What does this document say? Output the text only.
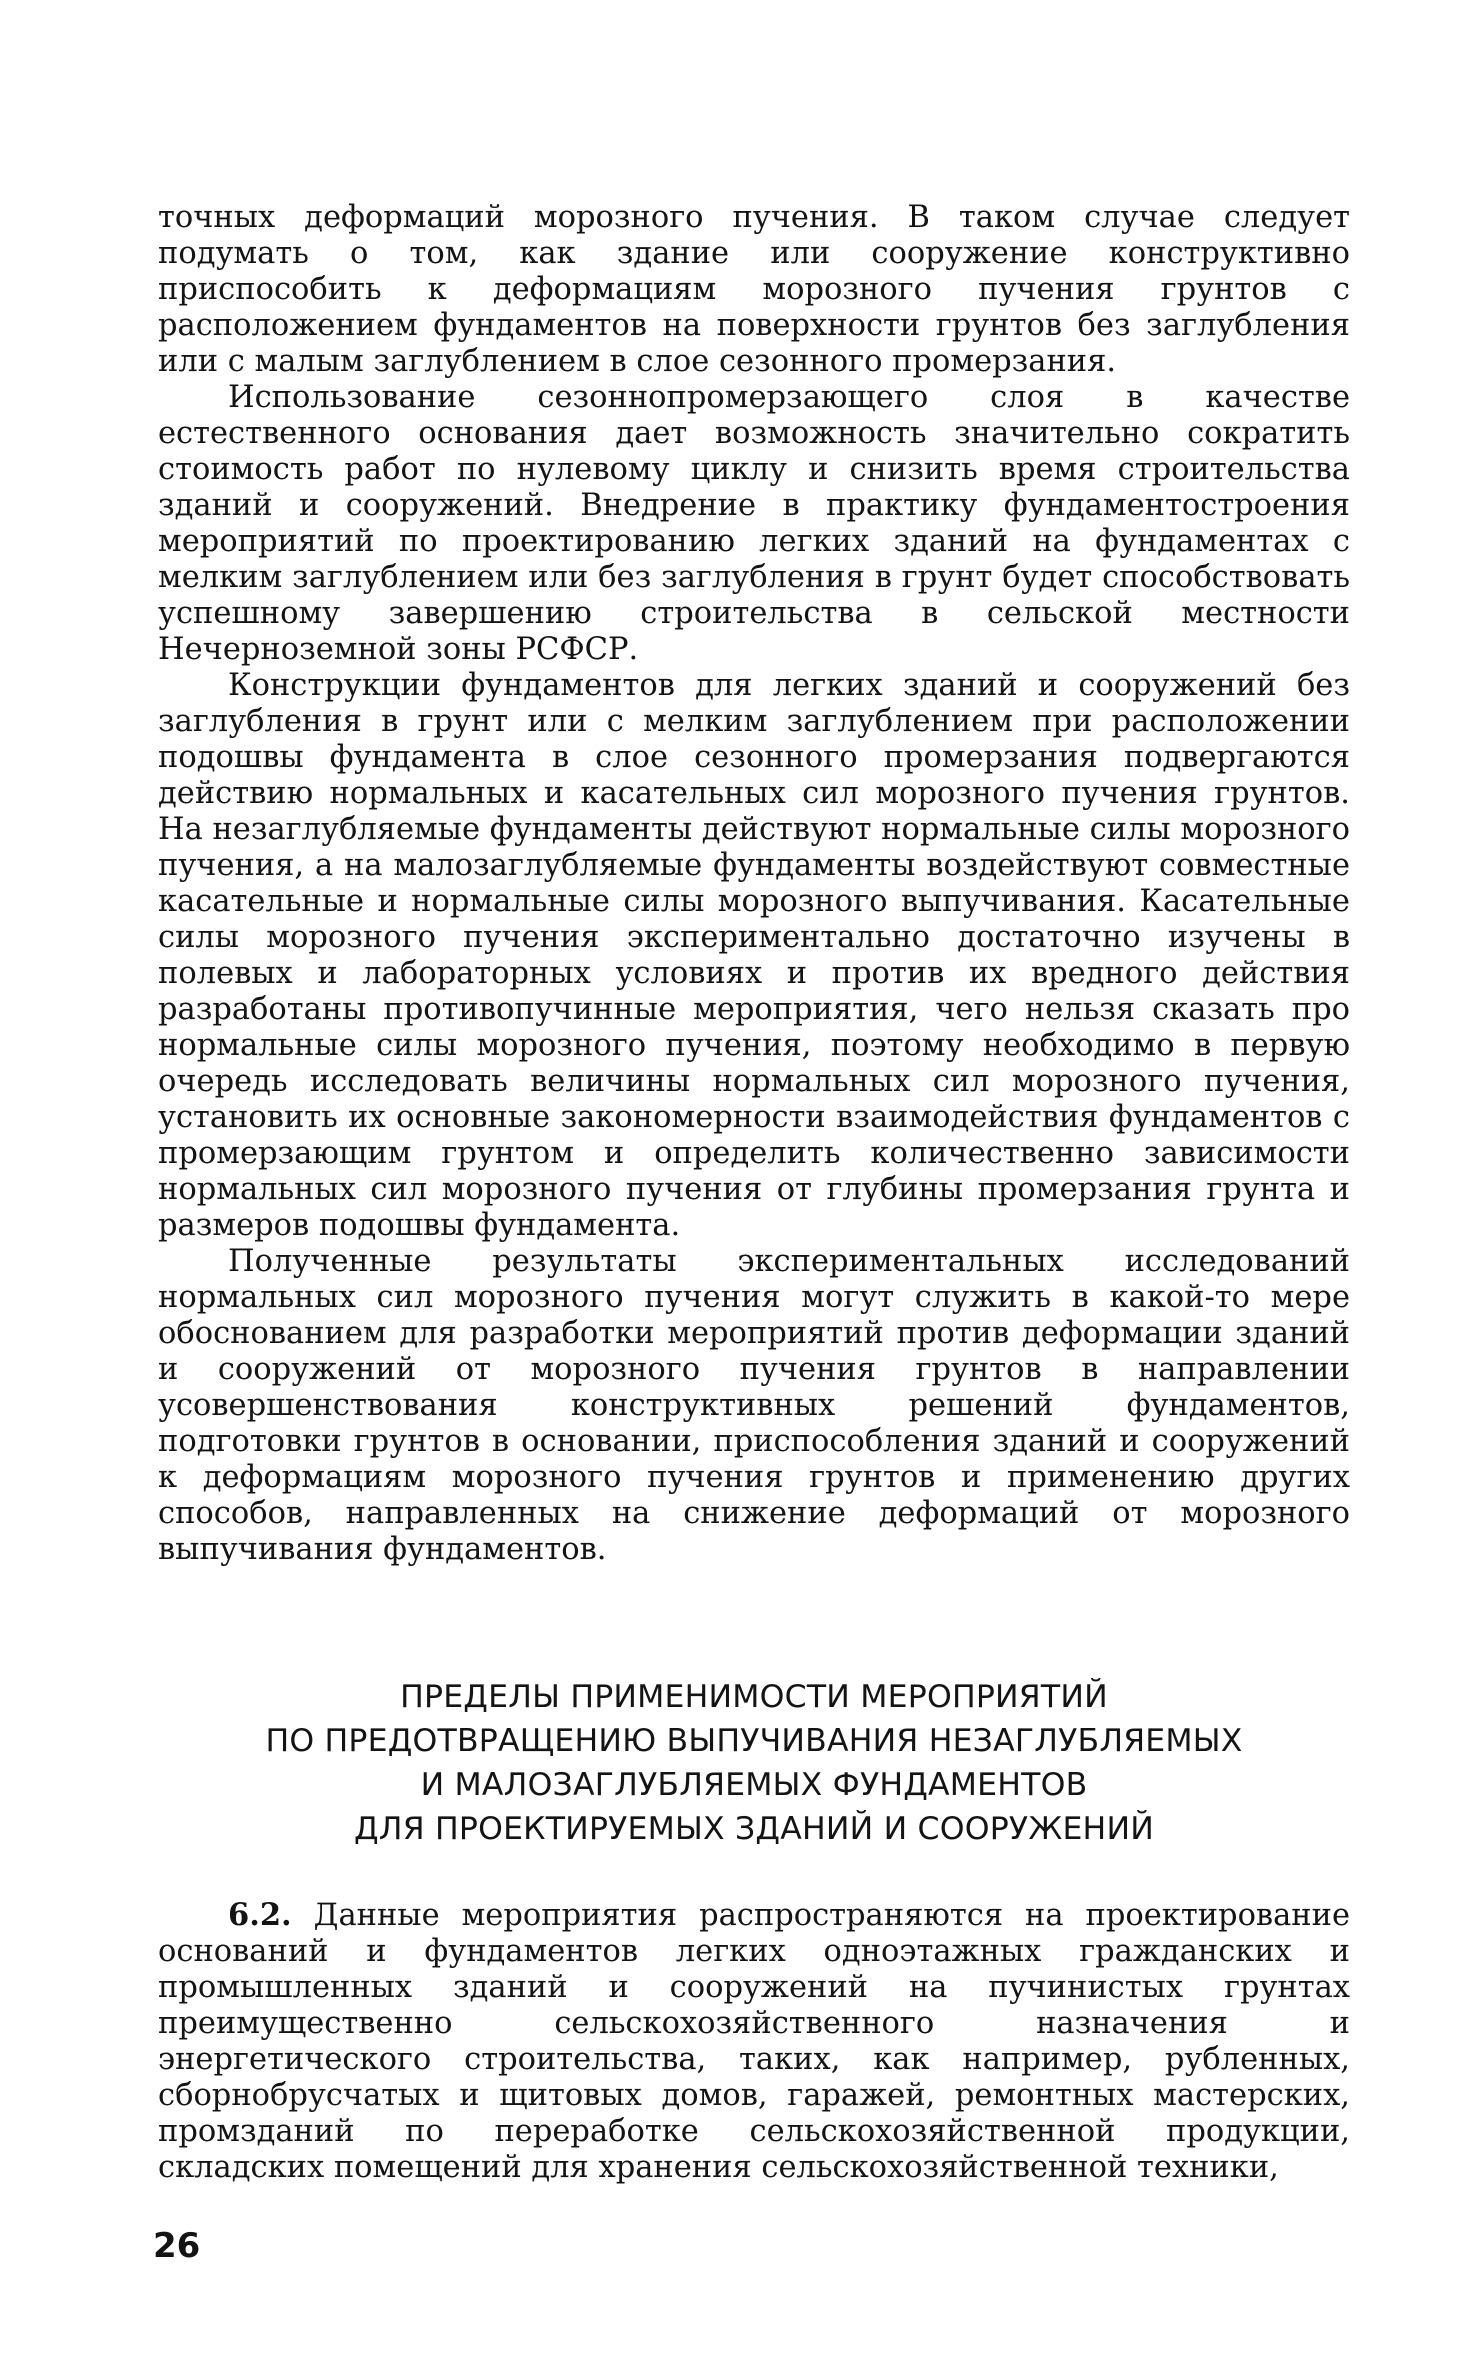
точных деформаций морозного пучения. В таком случае следует подумать о том, как здание или сооружение конструктивно приспособить к деформациям морозного пучения грунтов с расположением фундаментов на поверхности грунтов без заглубления или с малым заглублением в слое сезонного промерзания.

Использование сезоннопромерзающего слоя в качестве естественного основания дает возможность значительно сократить стоимость работ по нулевому циклу и снизить время строительства зданий и сооружений. Внедрение в практику фундаментостроения мероприятий по проектированию легких зданий на фундаментах с мелким заглублением или без заглубления в грунт будет способствовать успешному завершению строительства в сельской местности Нечерноземной зоны РСФСР.

Конструкции фундаментов для легких зданий и сооружений без заглубления в грунт или с мелким заглублением при расположении подошвы фундамента в слое сезонного промерзания подвергаются действию нормальных и касательных сил морозного пучения грунтов. На незаглубляемые фундаменты действуют нормальные силы морозного пучения, а на малозаглубляемые фундаменты воздействуют совместные касательные и нормальные силы морозного выпучивания. Касательные силы морозного пучения экспериментально достаточно изучены в полевых и лабораторных условиях и против их вредного действия разработаны противопучинные мероприятия, чего нельзя сказать про нормальные силы морозного пучения, поэтому необходимо в первую очередь исследовать величины нормальных сил морозного пучения, установить их основные закономерности взаимодействия фундаментов с промерзающим грунтом и определить количественно зависимости нормальных сил морозного пучения от глубины промерзания грунта и размеров подошвы фундамента.

Полученные результаты экспериментальных исследований нормальных сил морозного пучения могут служить в какой-то мере обоснованием для разработки мероприятий против деформации зданий и сооружений от морозного пучения грунтов в направлении усовершенствования конструктивных решений фундаментов, подготовки грунтов в основании, приспособления зданий и сооружений к деформациям морозного пучения грунтов и применению других способов, направленных на снижение деформаций от морозного выпучивания фундаментов.

ПРЕДЕЛЫ ПРИМЕНИМОСТИ МЕРОПРИЯТИЙ
ПО ПРЕДОТВРАЩЕНИЮ ВЫПУЧИВАНИЯ НЕЗАГЛУБЛЯЕМЫХ
И МАЛОЗАГЛУБЛЯЕМЫХ ФУНДАМЕНТОВ
ДЛЯ ПРОЕКТИРУЕМЫХ ЗДАНИЙ И СООРУЖЕНИЙ

6.2. Данные мероприятия распространяются на проектирование оснований и фундаментов легких одноэтажных гражданских и промышленных зданий и сооружений на пучинистых грунтах преимущественно сельскохозяйственного назначения и энергетического строительства, таких, как например, рубленных, сборнобрусчатых и щитовых домов, гаражей, ремонтных мастерских, промзданий по переработке сельскохозяйственной продукции, складских помещений для хранения сельскохозяйственной техники,

26
